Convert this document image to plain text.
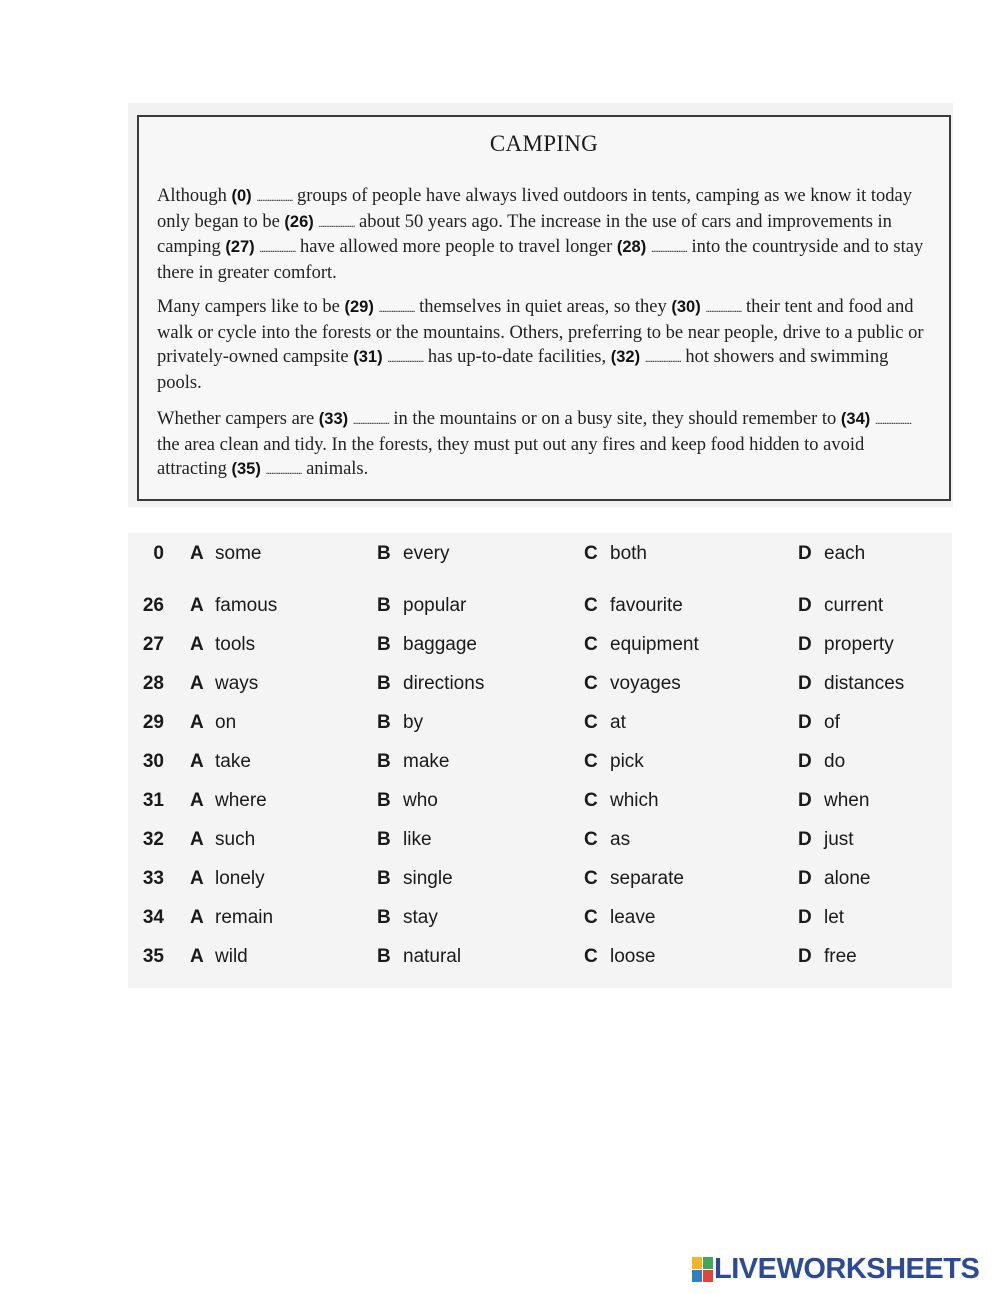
CAMPING

Although (0) .................... groups of people have always lived outdoors in tents, camping as we know it today only began to be (26) .................... about 50 years ago. The increase in the use of cars and improvements in camping (27) .................... have allowed more people to travel longer (28) .................... into the countryside and to stay there in greater comfort.

Many campers like to be (29) .................... themselves in quiet areas, so they (30) .................... their tent and food and walk or cycle into the forests or the mountains. Others, preferring to be near people, drive to a public or privately-owned campsite (31) .................... has up-to-date facilities, (32) .................... hot showers and swimming pools.

Whether campers are (33) .................... in the mountains or on a busy site, they should remember to (34) .................... the area clean and tidy. In the forests, they must put out any fires and keep food hidden to avoid attracting (35) .................... animals.

0 A some	B every	C both	D each
26 A famous	B popular	C favourite	D current
27 A tools	B baggage	C equipment	D property
28 A ways	B directions	C voyages	D distances
29 A on	B by	C at	D of
30 A take	B make	C pick	D do
31 A where	B who	C which	D when
32 A such	B like	C as	D just
33 A lonely	B single	C separate	D alone
34 A remain	B stay	C leave	D let
35 A wild	B natural	C loose	D free
LIVEWORKSHEETS
